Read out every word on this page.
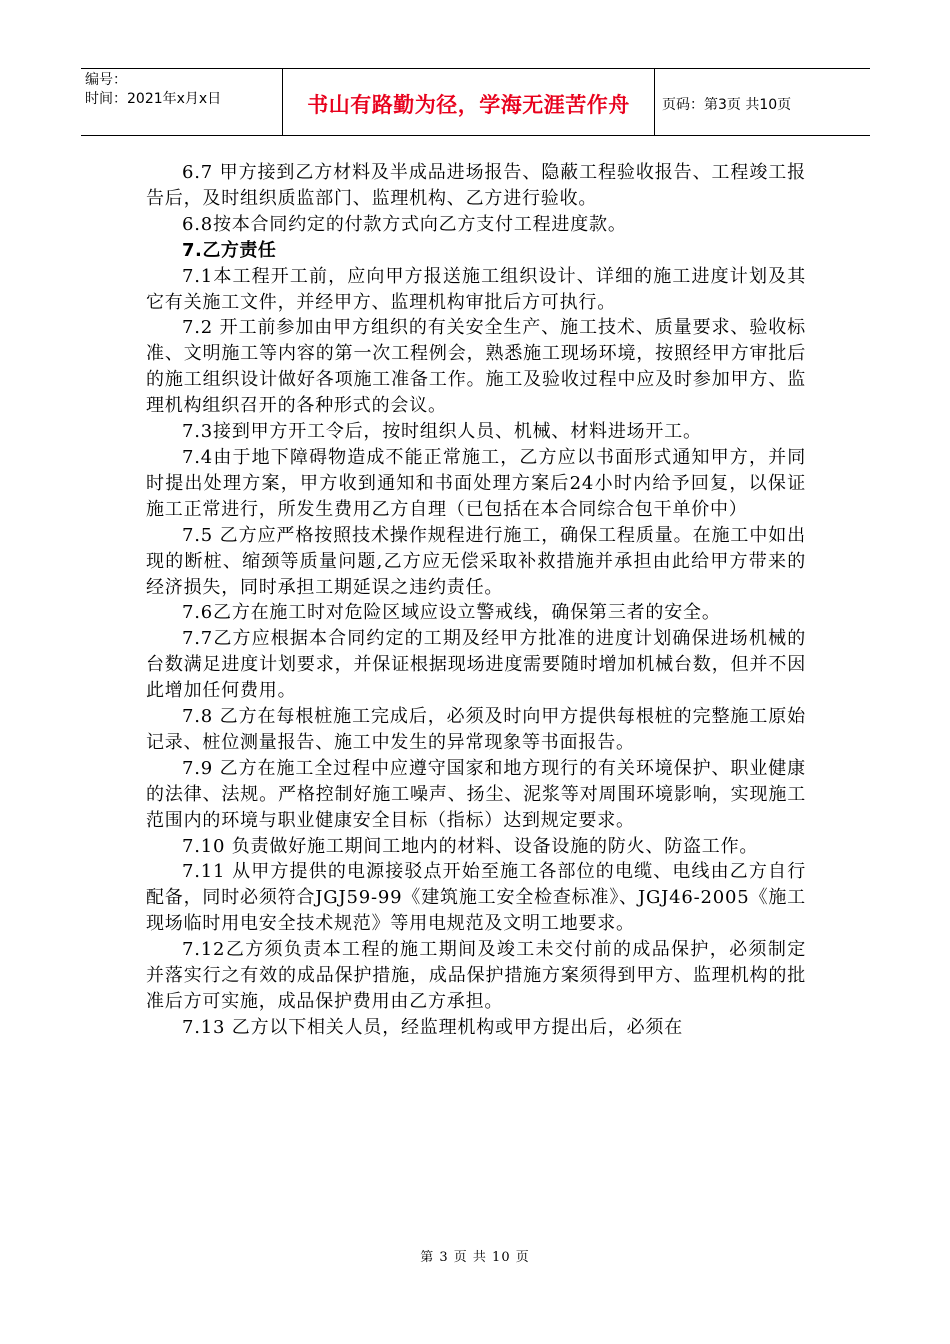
编号：
时间：2021年x月x日	书山有路勤为径，学海无涯苦作舟	页码：第3页 共10页

6.7 甲方接到乙方材料及半成品进场报告、隐蔽工程验收报告、工程竣工报告后，及时组织质监部门、监理机构、乙方进行验收。

6.8按本合同约定的付款方式向乙方支付工程进度款。

7.乙方责任

7.1本工程开工前，应向甲方报送施工组织设计、详细的施工进度计划及其它有关施工文件，并经甲方、监理机构审批后方可执行。

7.2 开工前参加由甲方组织的有关安全生产、施工技术、质量要求、验收标准、文明施工等内容的第一次工程例会，熟悉施工现场环境，按照经甲方审批后的施工组织设计做好各项施工准备工作。施工及验收过程中应及时参加甲方、监理机构组织召开的各种形式的会议。

7.3接到甲方开工令后，按时组织人员、机械、材料进场开工。

7.4由于地下障碍物造成不能正常施工，乙方应以书面形式通知甲方，并同时提出处理方案，甲方收到通知和书面处理方案后24小时内给予回复，以保证施工正常进行，所发生费用乙方自理（已包括在本合同综合包干单价中）

7.5 乙方应严格按照技术操作规程进行施工，确保工程质量。在施工中如出现的断桩、缩颈等质量问题,乙方应无偿采取补救措施并承担由此给甲方带来的经济损失，同时承担工期延误之违约责任。

7.6乙方在施工时对危险区域应设立警戒线，确保第三者的安全。

7.7乙方应根据本合同约定的工期及经甲方批准的进度计划确保进场机械的台数满足进度计划要求，并保证根据现场进度需要随时增加机械台数，但并不因此增加任何费用。

7.8 乙方在每根桩施工完成后，必须及时向甲方提供每根桩的完整施工原始记录、桩位测量报告、施工中发生的异常现象等书面报告。

7.9 乙方在施工全过程中应遵守国家和地方现行的有关环境保护、职业健康的法律、法规。严格控制好施工噪声、扬尘、泥浆等对周围环境影响，实现施工范围内的环境与职业健康安全目标（指标）达到规定要求。

7.10 负责做好施工期间工地内的材料、设备设施的防火、防盗工作。

7.11 从甲方提供的电源接驳点开始至施工各部位的电缆、电线由乙方自行配备，同时必须符合JGJ59-99《建筑施工安全检查标准》、JGJ46-2005《施工现场临时用电安全技术规范》等用电规范及文明工地要求。

7.12乙方须负责本工程的施工期间及竣工未交付前的成品保护，必须制定并落实行之有效的成品保护措施，成品保护措施方案须得到甲方、监理机构的批准后方可实施，成品保护费用由乙方承担。

7.13 乙方以下相关人员，经监理机构或甲方提出后，必须在

第 3 页 共 10 页
